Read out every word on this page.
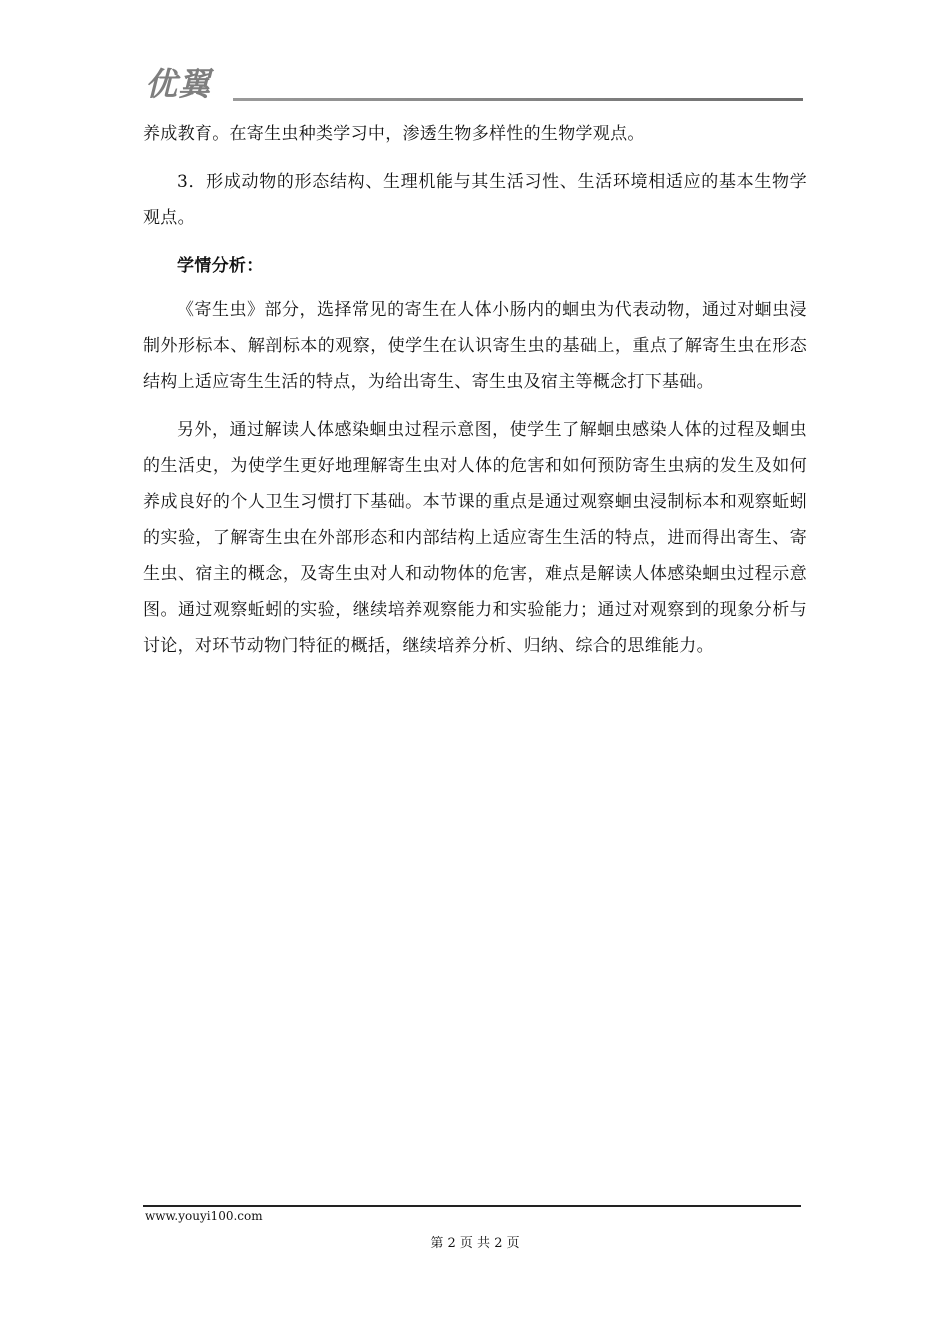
优翼

养成教育。在寄生虫种类学习中，渗透生物多样性的生物学观点。

3．形成动物的形态结构、生理机能与其生活习性、生活环境相适应的基本生物学观点。

学情分析：

《寄生虫》部分，选择常见的寄生在人体小肠内的蛔虫为代表动物，通过对蛔虫浸制外形标本、解剖标本的观察，使学生在认识寄生虫的基础上，重点了解寄生虫在形态结构上适应寄生生活的特点，为给出寄生、寄生虫及宿主等概念打下基础。

另外，通过解读人体感染蛔虫过程示意图，使学生了解蛔虫感染人体的过程及蛔虫的生活史，为使学生更好地理解寄生虫对人体的危害和如何预防寄生虫病的发生及如何养成良好的个人卫生习惯打下基础。本节课的重点是通过观察蛔虫浸制标本和观察蚯蚓的实验，了解寄生虫在外部形态和内部结构上适应寄生生活的特点，进而得出寄生、寄生虫、宿主的概念，及寄生虫对人和动物体的危害，难点是解读人体感染蛔虫过程示意图。通过观察蚯蚓的实验，继续培养观察能力和实验能力；通过对观察到的现象分析与讨论，对环节动物门特征的概括，继续培养分析、归纳、综合的思维能力。

www.youyi100.com
第 2 页 共 2 页
